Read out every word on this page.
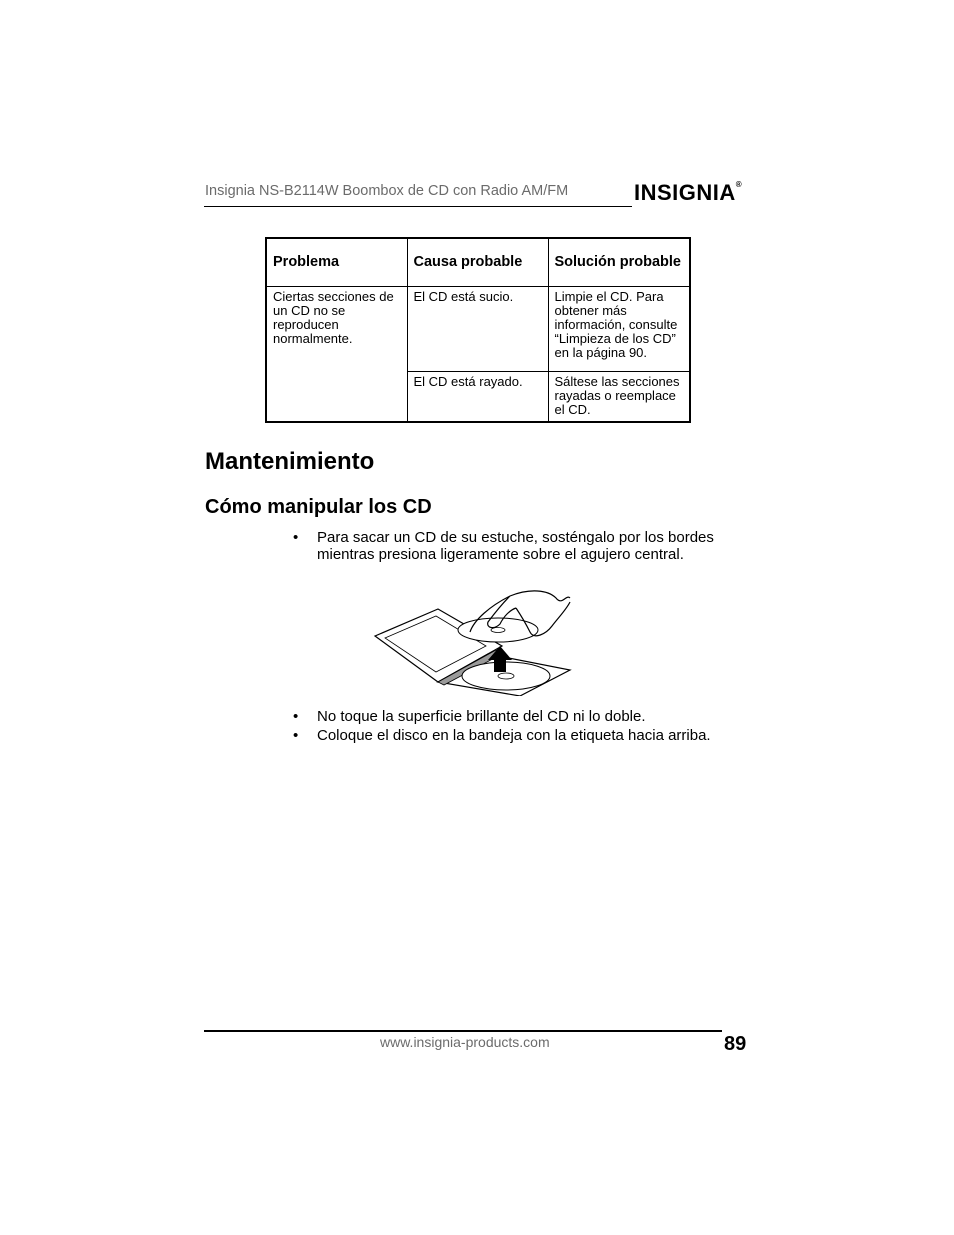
Insignia NS-B2114W Boombox de CD con Radio AM/FM	INSIGNIA®
Problema	Causa probable	Solución probable
Ciertas secciones de un CD no se reproducen normalmente.	El CD está sucio.	Limpie el CD. Para obtener más información, consulte “Limpieza de los CD” en la página 90.
	El CD está rayado.	Sáltese las secciones rayadas o reemplace el CD.
Mantenimiento
Cómo manipular los CD
• Para sacar un CD de su estuche, sosténgalo por los bordes
mientras presiona ligeramente sobre el agujero central.
• No toque la superficie brillante del CD ni lo doble.
• Coloque el disco en la bandeja con la etiqueta hacia arriba.
www.insignia-products.com	89
